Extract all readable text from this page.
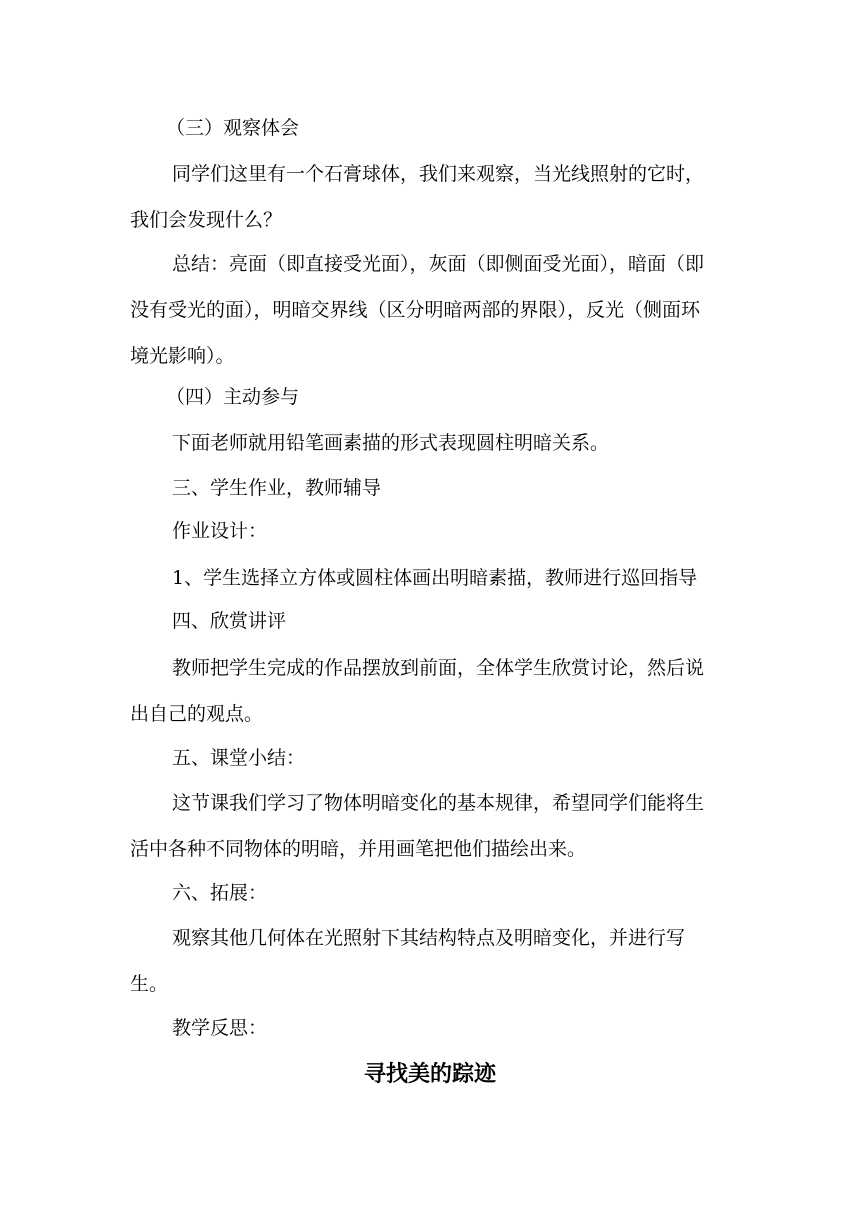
（三）观察体会

同学们这里有一个石膏球体，我们来观察，当光线照射的它时，
我们会发现什么？
总结：亮面（即直接受光面），灰面（即侧面受光面），暗面（即
没有受光的面），明暗交界线（区分明暗两部的界限），反光（侧面环
境光影响）。

（四）主动参与

下面老师就用铅笔画素描的形式表现圆柱明暗关系。

三、学生作业，教师辅导

作业设计：

1、学生选择立方体或圆柱体画出明暗素描，教师进行巡回指导

四、欣赏讲评

教师把学生完成的作品摆放到前面，全体学生欣赏讨论，然后说
出自己的观点。

五、课堂小结：

这节课我们学习了物体明暗变化的基本规律，希望同学们能将生
活中各种不同物体的明暗，并用画笔把他们描绘出来。

六、拓展：

观察其他几何体在光照射下其结构特点及明暗变化，并进行写
生。

教学反思：

寻找美的踪迹
